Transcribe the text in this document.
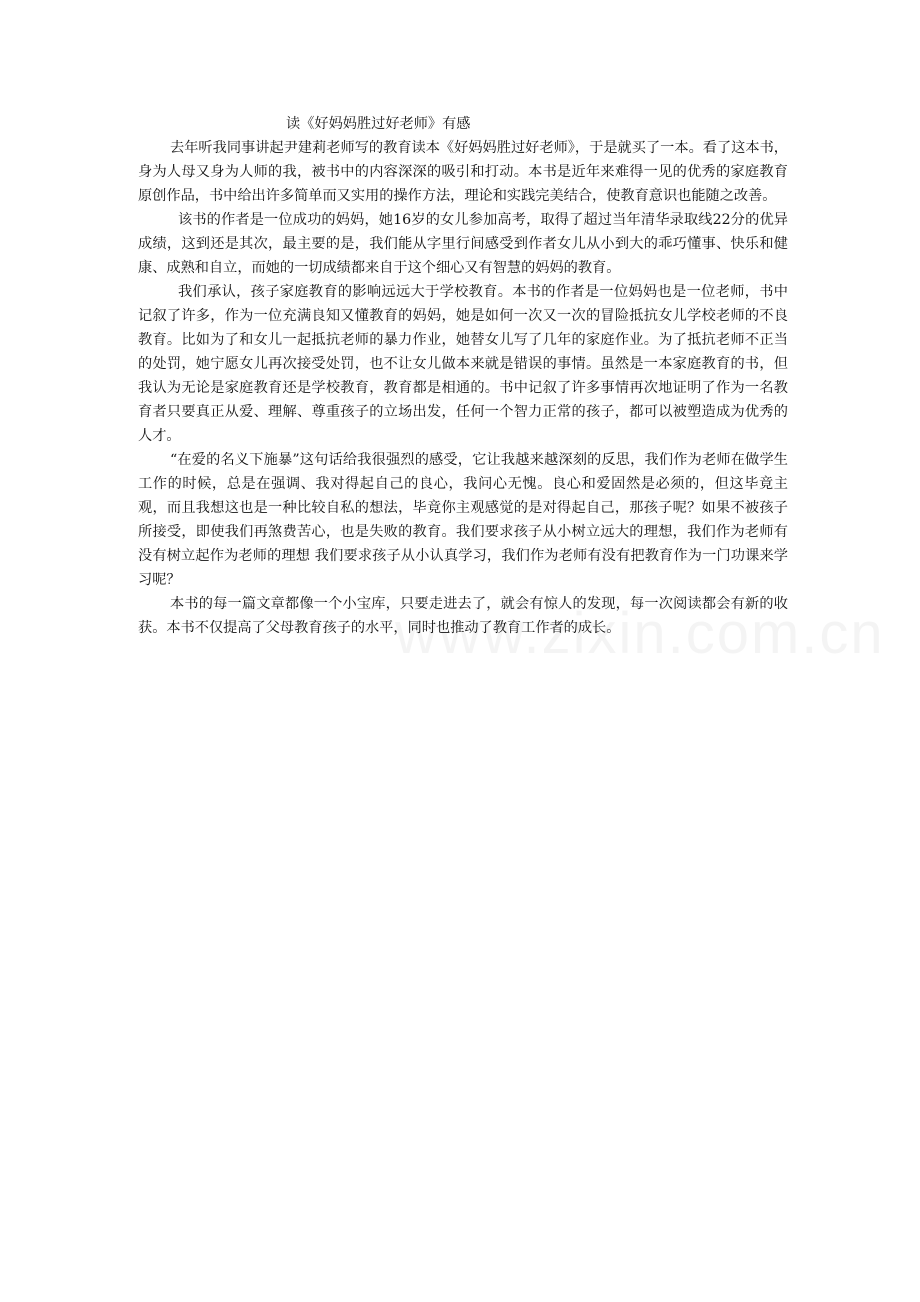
读《好妈妈胜过好老师》有感

去年听我同事讲起尹建莉老师写的教育读本《好妈妈胜过好老师》，于是就买了一本。看了这本书，身为人母又身为人师的我，被书中的内容深深的吸引和打动。本书是近年来难得一见的优秀的家庭教育原创作品，书中给出许多简单而又实用的操作方法，理论和实践完美结合，使教育意识也能随之改善。

该书的作者是一位成功的妈妈，她16岁的女儿参加高考，取得了超过当年清华录取线22分的优异成绩，这到还是其次，最主要的是，我们能从字里行间感受到作者女儿从小到大的乖巧懂事、快乐和健康、成熟和自立，而她的一切成绩都来自于这个细心又有智慧的妈妈的教育。

我们承认，孩子家庭教育的影响远远大于学校教育。本书的作者是一位妈妈也是一位老师，书中记叙了许多，作为一位充满良知又懂教育的妈妈，她是如何一次又一次的冒险抵抗女儿学校老师的不良教育。比如为了和女儿一起抵抗老师的暴力作业，她替女儿写了几年的家庭作业。为了抵抗老师不正当的处罚，她宁愿女儿再次接受处罚，也不让女儿做本来就是错误的事情。虽然是一本家庭教育的书，但我认为无论是家庭教育还是学校教育，教育都是相通的。书中记叙了许多事情再次地证明了作为一名教育者只要真正从爱、理解、尊重孩子的立场出发，任何一个智力正常的孩子，都可以被塑造成为优秀的人才。

“在爱的名义下施暴”这句话给我很强烈的感受，它让我越来越深刻的反思，我们作为老师在做学生工作的时候，总是在强调、我对得起自己的良心，我问心无愧。良心和爱固然是必须的，但这毕竟主观，而且我想这也是一种比较自私的想法，毕竟你主观感觉的是对得起自己，那孩子呢？如果不被孩子所接受，即使我们再煞费苦心，也是失败的教育。我们要求孩子从小树立远大的理想，我们作为老师有没有树立起作为老师的理想 我们要求孩子从小认真学习，我们作为老师有没有把教育作为一门功课来学习呢？

本书的每一篇文章都像一个小宝库，只要走进去了，就会有惊人的发现，每一次阅读都会有新的收获。本书不仅提高了父母教育孩子的水平，同时也推动了教育工作者的成长。
